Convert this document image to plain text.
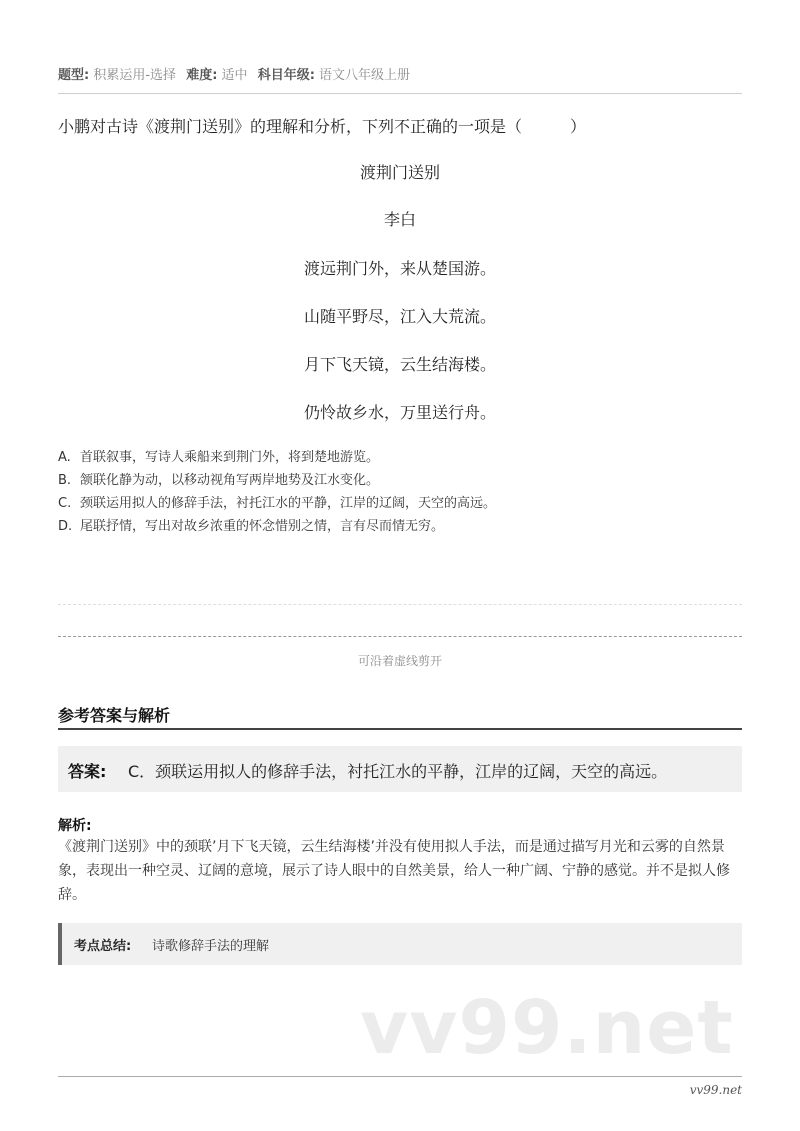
题型: 积累运用-选择 难度: 适中 科目年级: 语文八年级上册
小鹏对古诗《渡荆门送别》的理解和分析，下列不正确的一项是（　　　）
渡荆门送别
李白
渡远荆门外，来从楚国游。
山随平野尽，江入大荒流。
月下飞天镜，云生结海楼。
仍怜故乡水，万里送行舟。
A. 首联叙事，写诗人乘船来到荆门外，将到楚地游览。
B. 颔联化静为动，以移动视角写两岸地势及江水变化。
C. 颈联运用拟人的修辞手法，衬托江水的平静，江岸的辽阔，天空的高远。
D. 尾联抒情，写出对故乡浓重的怀念惜别之情，言有尽而情无穷。
可沿着虚线剪开
参考答案与解析
答案: C．颈联运用拟人的修辞手法，衬托江水的平静，江岸的辽阔，天空的高远。
解析:
《渡荆门送别》中的颈联’月下飞天镜，云生结海楼’并没有使用拟人手法，而是通过描写月光和云雾的自然景象，表现出一种空灵、辽阔的意境，展示了诗人眼中的自然美景，给人一种广阔、宁静的感觉。并不是拟人修辞。
考点总结: 诗歌修辞手法的理解
vv99.net
vv99.net
